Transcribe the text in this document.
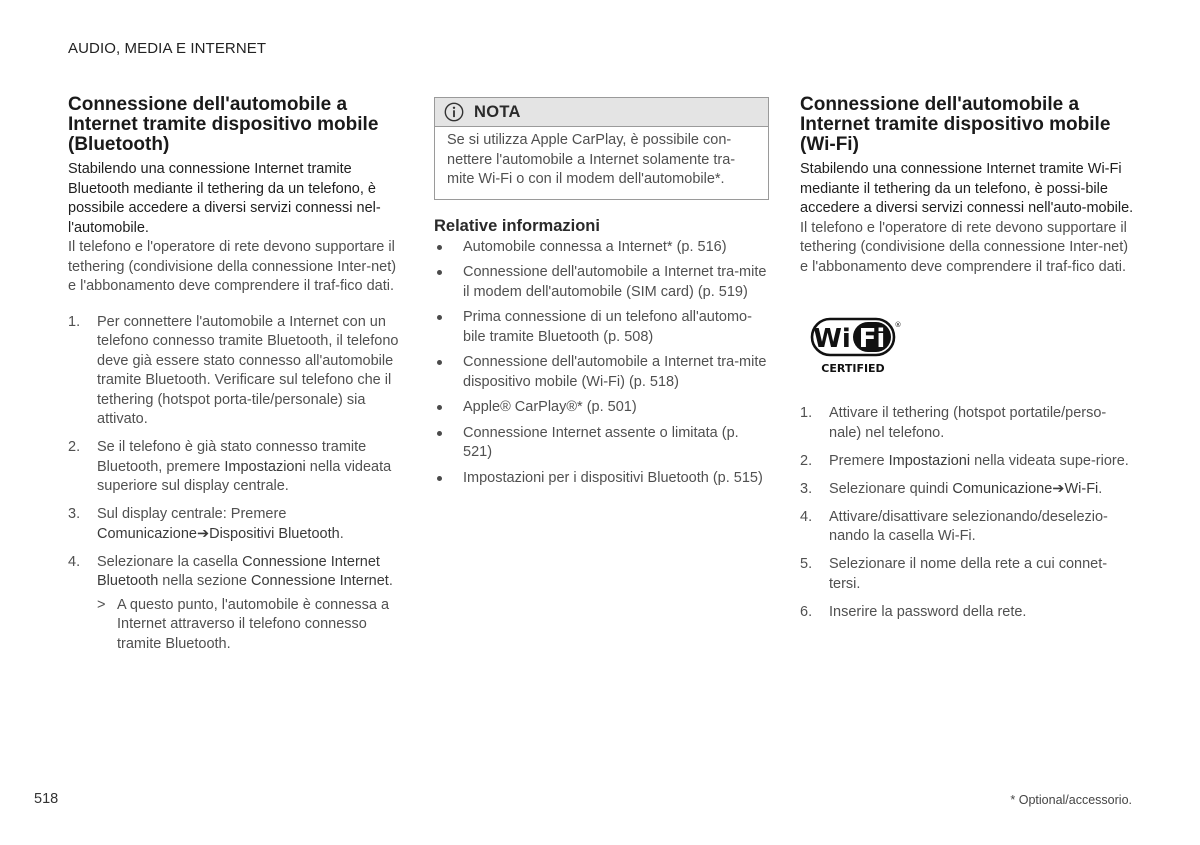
AUDIO, MEDIA E INTERNET
Connessione dell'automobile a Internet tramite dispositivo mobile (Bluetooth)

Stabilendo una connessione Internet tramite Bluetooth mediante il tethering da un telefono, è possibile accedere a diversi servizi connessi nel-l'automobile.

Il telefono e l'operatore di rete devono supportare il tethering (condivisione della connessione Inter-net) e l'abbonamento deve comprendere il traf-fico dati.

1. Per connettere l'automobile a Internet con un telefono connesso tramite Bluetooth, il telefono deve già essere stato connesso all'automobile tramite Bluetooth. Verificare sul telefono che il tethering (hotspot porta-tile/personale) sia attivato.
2. Se il telefono è già stato connesso tramite Bluetooth, premere Impostazioni nella videata superiore sul display centrale.
3. Sul display centrale: Premere
Comunicazione➔Dispositivi Bluetooth.
4. Selezionare la casella Connessione Internet Bluetooth nella sezione Connessione Internet.
> A questo punto, l'automobile è connessa a Internet attraverso il telefono connesso tramite Bluetooth.
NOTA
Se si utilizza Apple CarPlay, è possibile con-nettere l'automobile a Internet solamente tra-mite Wi-Fi o con il modem dell'automobile*.
Relative informazioni
Automobile connessa a Internet* (p. 516)
Connessione dell'automobile a Internet tra-mite il modem dell'automobile (SIM card) (p. 519)
Prima connessione di un telefono all'automo-bile tramite Bluetooth (p. 508)
Connessione dell'automobile a Internet tra-mite dispositivo mobile (Wi-Fi) (p. 518)
Apple® CarPlay®* (p. 501)
Connessione Internet assente o limitata (p. 521)
Impostazioni per i dispositivi Bluetooth (p. 515)
Connessione dell'automobile a Internet tramite dispositivo mobile (Wi-Fi)

Stabilendo una connessione Internet tramite Wi-Fi mediante il tethering da un telefono, è possi-bile accedere a diversi servizi connessi nell'auto-mobile.

Il telefono e l'operatore di rete devono supportare il tethering (condivisione della connessione Inter-net) e l'abbonamento deve comprendere il traf-fico dati.

Wi Fi ®
CERTIFIED
1. Attivare il tethering (hotspot portatile/perso-nale) nel telefono.
2. Premere Impostazioni nella videata supe-riore.
3. Selezionare quindi Comunicazione➔Wi-Fi.
4. Attivare/disattivare selezionando/deselezio-nando la casella Wi-Fi.
5. Selezionare il nome della rete a cui connet-tersi.
6. Inserire la password della rete.
518	* Optional/accessorio.
